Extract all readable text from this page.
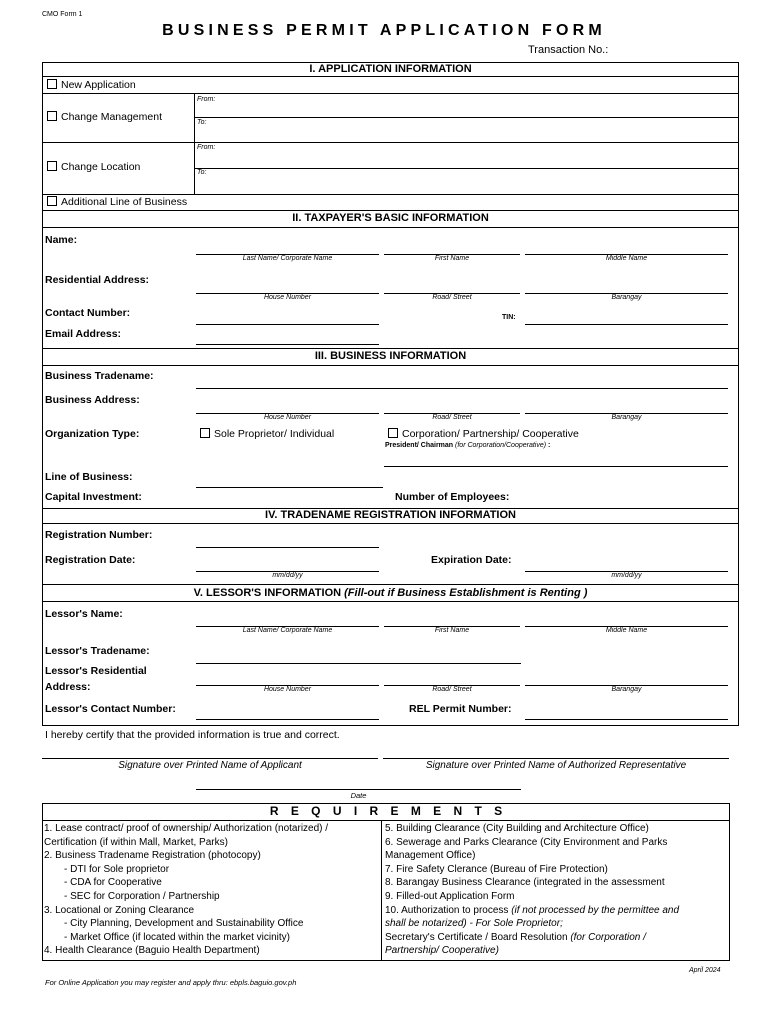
CMO Form 1
BUSINESS PERMIT APPLICATION FORM
Transaction No.:
I. APPLICATION INFORMATION
New Application
Change Management
From:
To:
Change Location
From:
To:
Additional Line of Business
II. TAXPAYER'S BASIC INFORMATION
Name:
Last Name/ Corporate Name	First Name	Middle Name
Residential Address:
House Number	Road/ Street	Barangay
Contact Number:	TIN:
Email Address:
III. BUSINESS INFORMATION
Business Tradename:
Business Address:
House Number	Road/ Street	Barangay
Organization Type:	Sole Proprietor/ Individual	Corporation/ Partnership/ Cooperative
President/ Chairman (for Corporation/Cooperative) :
Line of Business:
Capital Investment:	Number of Employees:
IV. TRADENAME REGISTRATION INFORMATION
Registration Number:
Registration Date:
mm/dd/yy
Expiration Date:
mm/dd/yy
V. LESSOR'S INFORMATION (Fill-out if Business Establishment is Renting )
Lessor's Name:
Last Name/ Corporate Name	First Name	Middle Name
Lessor's Tradename:
Lessor's Residential
Address:	House Number	Road/ Street	Barangay
Lessor's Contact Number:	REL Permit Number:
I hereby certify that the provided information is true and correct.
Signature over Printed Name of Applicant	Signature over Printed Name of Authorized Representative
Date
R E Q U I R E M E N T S
1. Lease contract/ proof of ownership/ Authorization (notarized) /
Certification (if within Mall, Market, Parks)
2. Business Tradename Registration (photocopy)
- DTI for Sole proprietor
- CDA for Cooperative
- SEC for Corporation / Partnership
3. Locational or Zoning Clearance
- City Planning, Development and Sustainability Office
- Market Office (if located within the market vicinity)
4. Health Clearance (Baguio Health Department)
5. Building Clearance (City Building and Architecture Office)
6. Sewerage and Parks Clearance (City Environment and Parks
Management Office)
7. Fire Safety Clerance (Bureau of Fire Protection)
8. Barangay Business Clearance (integrated in the assessment
9. Filled-out Application Form
10. Authorization to process (if not processed by the permittee and
shall be notarized) - For Sole Proprietor;
Secretary's Certificate / Board Resolution (for Corporation /
Partnership/ Cooperative)
April 2024
For Online Application you may register and apply thru: ebpls.baguio.gov.ph
